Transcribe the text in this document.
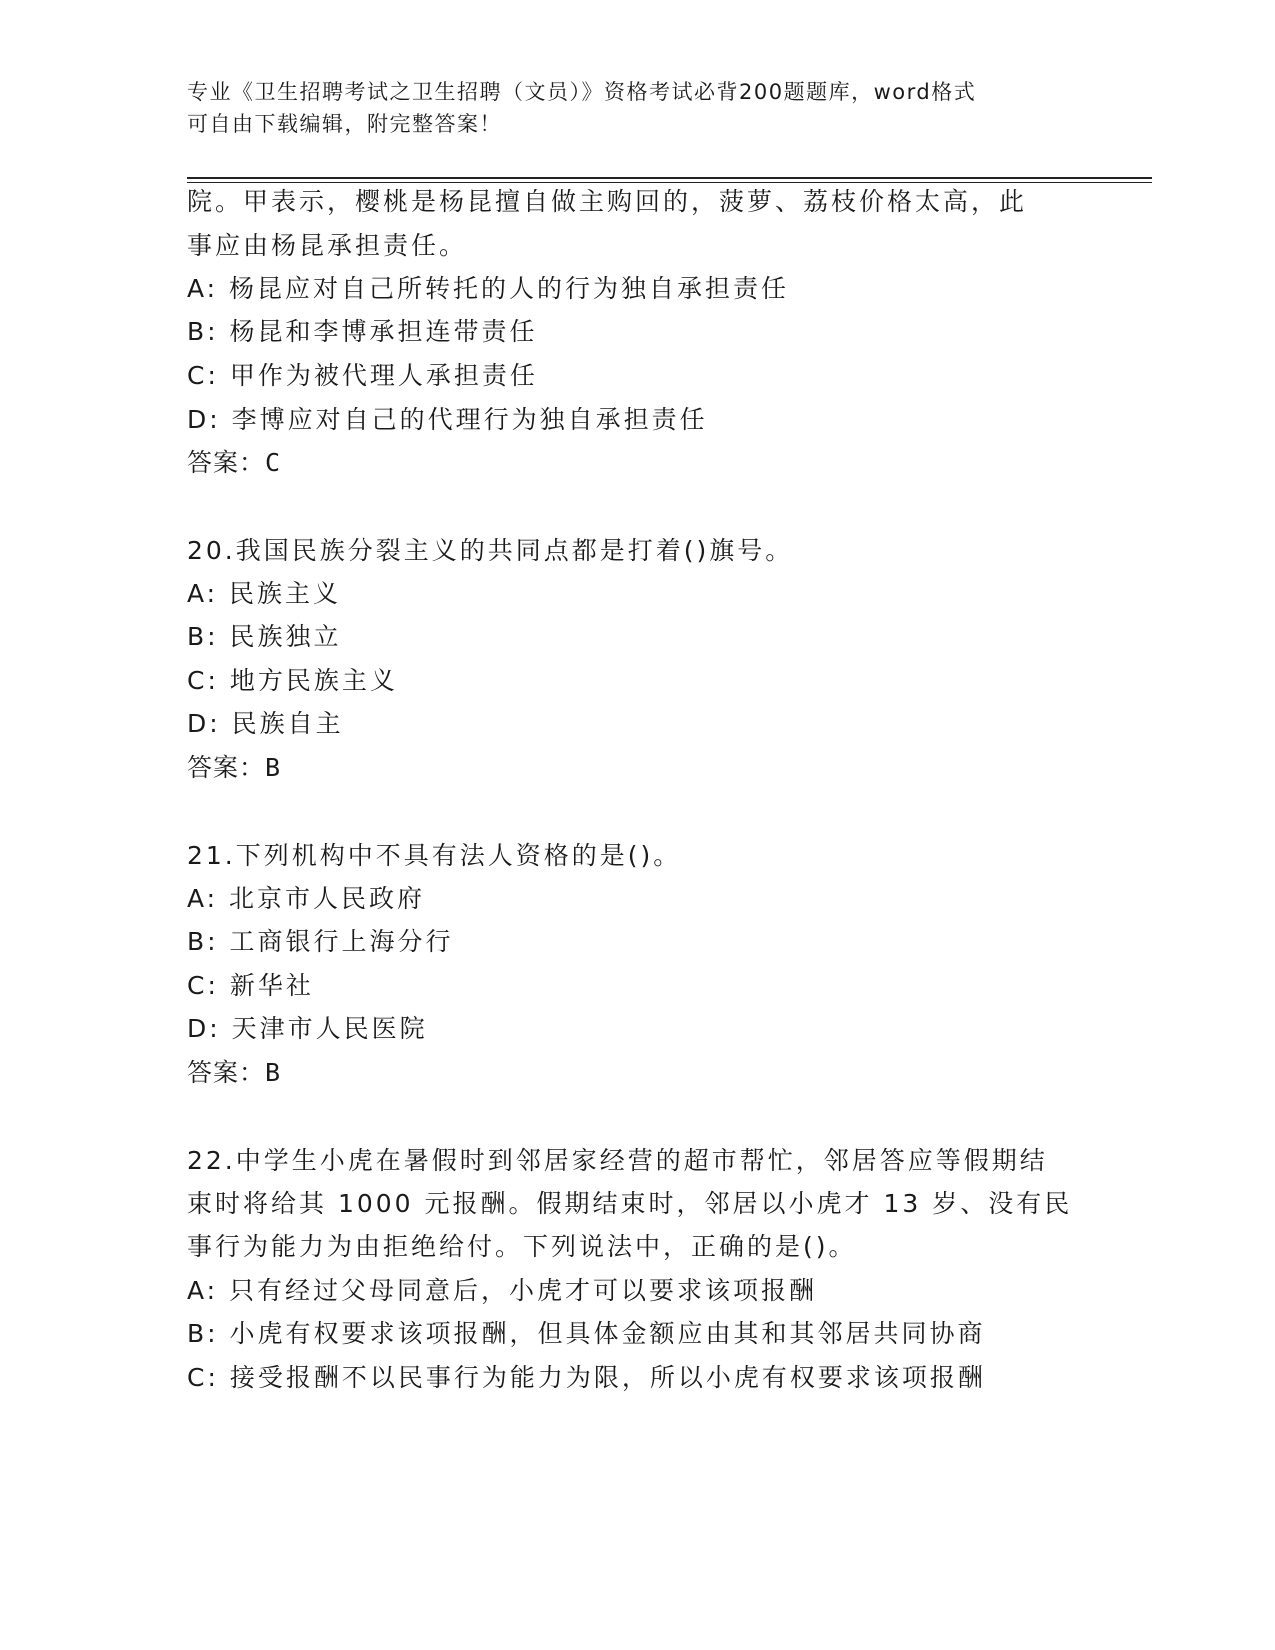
专业《卫生招聘考试之卫生招聘（文员）》资格考试必背200题题库，word格式
可自由下载编辑，附完整答案！
院。甲表示，樱桃是杨昆擅自做主购回的，菠萝、荔枝价格太高，此
事应由杨昆承担责任。
A: 杨昆应对自己所转托的人的行为独自承担责任
B: 杨昆和李博承担连带责任
C: 甲作为被代理人承担责任
D: 李博应对自己的代理行为独自承担责任
答案：C
20.我国民族分裂主义的共同点都是打着()旗号。
A: 民族主义
B: 民族独立
C: 地方民族主义
D: 民族自主
答案：B
21.下列机构中不具有法人资格的是()。
A: 北京市人民政府
B: 工商银行上海分行
C: 新华社
D: 天津市人民医院
答案：B
22.中学生小虎在暑假时到邻居家经营的超市帮忙，邻居答应等假期结
束时将给其 1000 元报酬。假期结束时，邻居以小虎才 13 岁、没有民
事行为能力为由拒绝给付。下列说法中，正确的是()。
A: 只有经过父母同意后，小虎才可以要求该项报酬
B: 小虎有权要求该项报酬，但具体金额应由其和其邻居共同协商
C: 接受报酬不以民事行为能力为限，所以小虎有权要求该项报酬
